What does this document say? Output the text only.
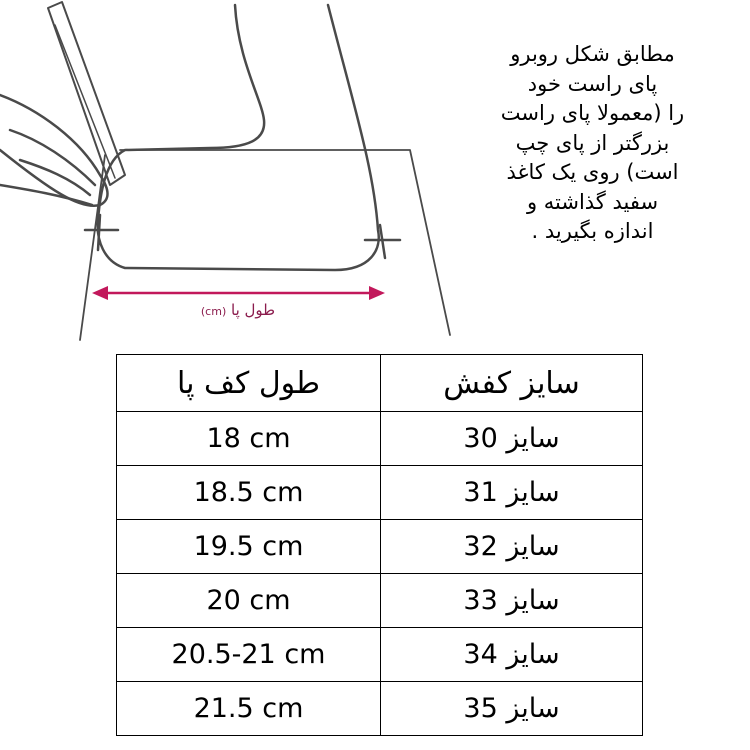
طول پا (cm)
مطابق شکل روبرو
پای راست خود
را (معمولا پای راست
بزرگتر از پای چپ
است) روی یک کاغذ
سفید گذاشته و
اندازه بگیرید .
طول کف پا	سایز کفش
18 cm	30 سایز
18.5 cm	31 سایز
19.5 cm	32 سایز
20 cm	33 سایز
20.5-21 cm	34 سایز
21.5 cm	35 سایز
